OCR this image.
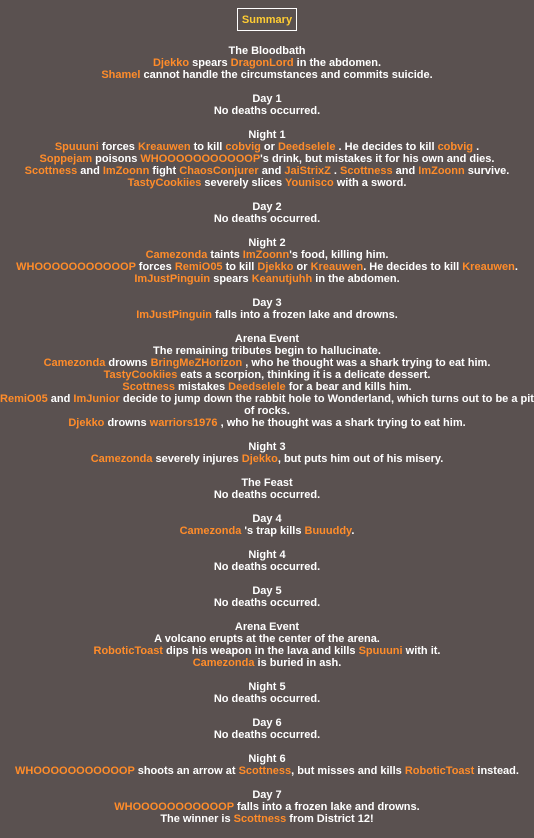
Summary
The Bloodbath
Djekko spears DragonLord in the abdomen.
Shamel cannot handle the circumstances and commits suicide.
Day 1
No deaths occurred.
Night 1
Spuuuni forces Kreauwen to kill cobvig or Deedselele . He decides to kill cobvig .
Soppejam poisons WHOOOOOOOOOOOP's drink, but mistakes it for his own and dies.
Scottness and ImZoonn fight ChaosConjurer and JaiStrixZ . Scottness and ImZoonn survive.
TastyCookiies severely slices Younisco with a sword.
Day 2
No deaths occurred.
Night 2
Camezonda taints ImZoonn's food, killing him.
WHOOOOOOOOOOOP forces RemiO05 to kill Djekko or Kreauwen. He decides to kill Kreauwen.
ImJustPinguin spears Keanutjuhh in the abdomen.
Day 3
ImJustPinguin falls into a frozen lake and drowns.
Arena Event
The remaining tributes begin to hallucinate.
Camezonda drowns BringMeZHorizon , who he thought was a shark trying to eat him.
TastyCookiies eats a scorpion, thinking it is a delicate dessert.
Scottness mistakes Deedselele for a bear and kills him.
RemiO05 and ImJunior decide to jump down the rabbit hole to Wonderland, which turns out to be a pit of rocks.
Djekko drowns warriors1976 , who he thought was a shark trying to eat him.
Night 3
Camezonda severely injures Djekko, but puts him out of his misery.
The Feast
No deaths occurred.
Day 4
Camezonda 's trap kills Buuuddy.
Night 4
No deaths occurred.
Day 5
No deaths occurred.
Arena Event
A volcano erupts at the center of the arena.
RoboticToast dips his weapon in the lava and kills Spuuuni with it.
Camezonda is buried in ash.
Night 5
No deaths occurred.
Day 6
No deaths occurred.
Night 6
WHOOOOOOOOOOOP shoots an arrow at Scottness, but misses and kills RoboticToast instead.
Day 7
WHOOOOOOOOOOOP falls into a frozen lake and drowns.
The winner is Scottness from District 12!
